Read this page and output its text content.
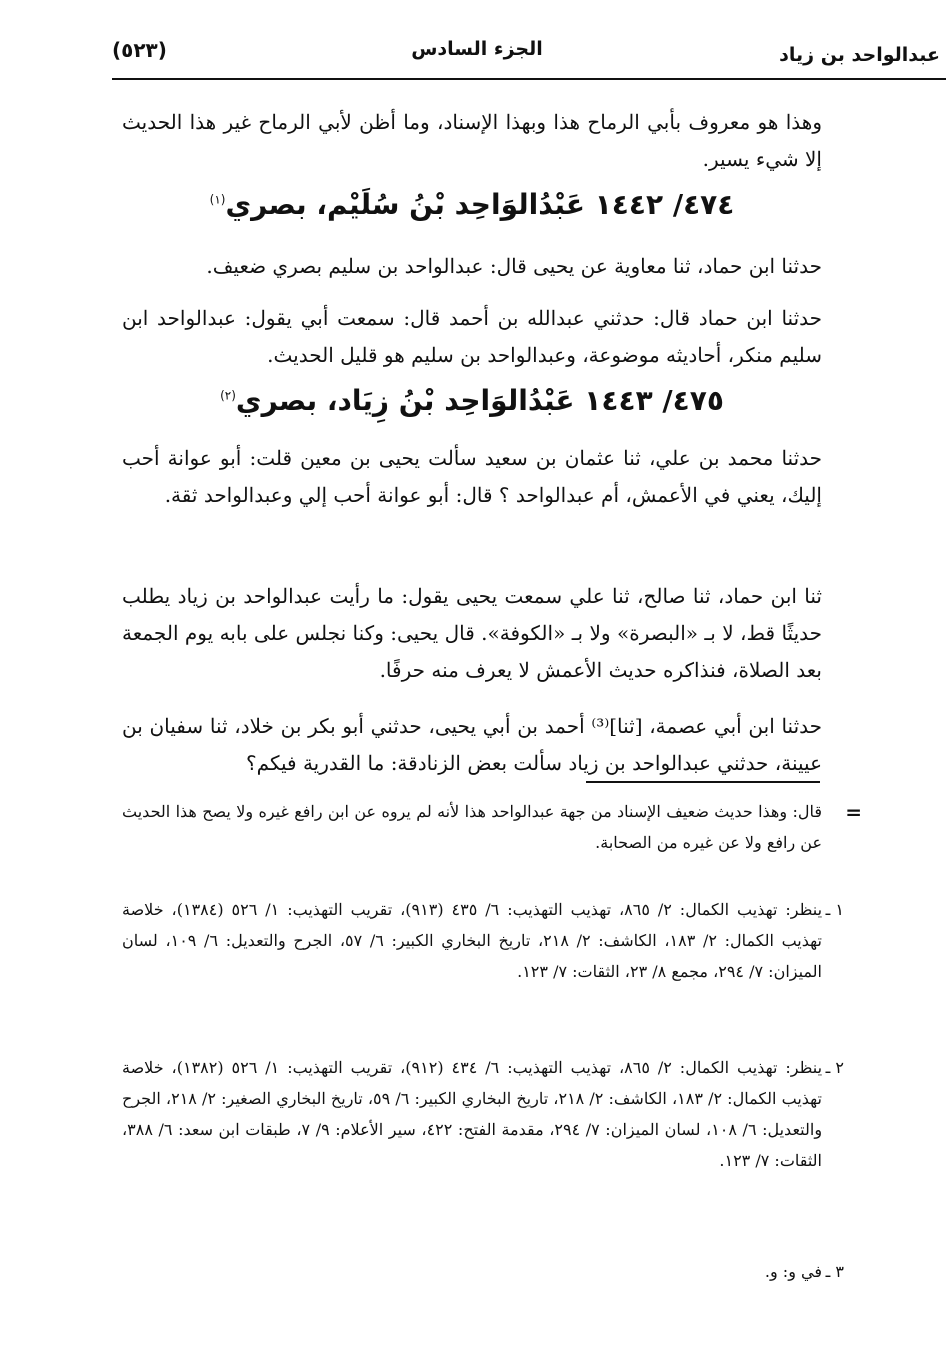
عبدالواحد بن زياد
الجزء السادس
(٥٢٣)

وهذا هو معروف بأبي الرماح هذا وبهذا الإسناد، وما أظن لأبي الرماح غير هذا الحديث إلا شيء يسير.

٤٧٤/ ١٤٤٢ عَبْدُالوَاحِد بْنُ سُلَيْم، بصري$^{(١)}$

حدثنا ابن حماد، ثنا معاوية عن يحيى قال: عبدالواحد بن سليم بصري ضعيف.

حدثنا ابن حماد قال: حدثني عبدالله بن أحمد قال: سمعت أبي يقول: عبدالواحد ابن سليم منكر، أحاديثه موضوعة، وعبدالواحد بن سليم هو قليل الحديث.

٤٧٥/ ١٤٤٣ عَبْدُالوَاحِد بْنُ زِيَاد، بصري$^{(٢)}$

حدثنا محمد بن علي، ثنا عثمان بن سعيد سألت يحيى بن معين قلت: أبو عوانة أحب إليك، يعني في الأعمش، أم عبدالواحد ؟ قال: أبو عوانة أحب إلي وعبدالواحد ثقة.

ثنا ابن حماد، ثنا صالح، ثنا علي سمعت يحيى يقول: ما رأيت عبدالواحد بن زياد يطلب حديثًا قط، لا بـ «البصرة» ولا بـ «الكوفة». قال يحيى: وكنا نجلس على بابه يوم الجمعة بعد الصلاة، فنذاكره حديث الأعمش لا يعرف منه حرفًا.

حدثنا ابن أبي عصمة، [ثنا]⁽³⁾ أحمد بن أبي يحيى، حدثني أبو بكر بن خلاد، ثنا سفيان بن عيينة، حدثني عبدالواحد بن زياد سألت بعض الزنادقة: ما القدرية فيكم؟

=

قال: وهذا حديث ضعيف الإسناد من جهة عبدالواحد هذا لأنه لم يروه عن ابن رافع غيره ولا يصح هذا الحديث عن رافع ولا عن غيره من الصحابة.

١ ـ
ينظر: تهذيب الكمال: ٢/ ٨٦٥، تهذيب التهذيب: ٦/ ٤٣٥ (٩١٣)، تقريب التهذيب: ١/ ٥٢٦ (١٣٨٤)، خلاصة تهذيب الكمال: ٢/ ١٨٣، الكاشف: ٢/ ٢١٨، تاريخ البخاري الكبير: ٦/ ٥٧، الجرح والتعديل: ٦/ ١٠٩، لسان الميزان: ٧/ ٢٩٤، مجمع ٨/ ٢٣، الثقات: ٧/ ١٢٣.
٢ ـ
ينظر: تهذيب الكمال: ٢/ ٨٦٥، تهذيب التهذيب: ٦/ ٤٣٤ (٩١٢)، تقريب التهذيب: ١/ ٥٢٦ (١٣٨٢)، خلاصة تهذيب الكمال: ٢/ ١٨٣، الكاشف: ٢/ ٢١٨، تاريخ البخاري الكبير: ٦/ ٥٩، تاريخ البخاري الصغير: ٢/ ٢١٨، الجرح والتعديل: ٦/ ١٠٨، لسان الميزان: ٧/ ٢٩٤، مقدمة الفتح: ٤٢٢، سير الأعلام: ٩/ ٧، طبقات ابن سعد: ٦/ ٣٨٨، الثقات: ٧/ ١٢٣.
٣ ـ
في و: و.
